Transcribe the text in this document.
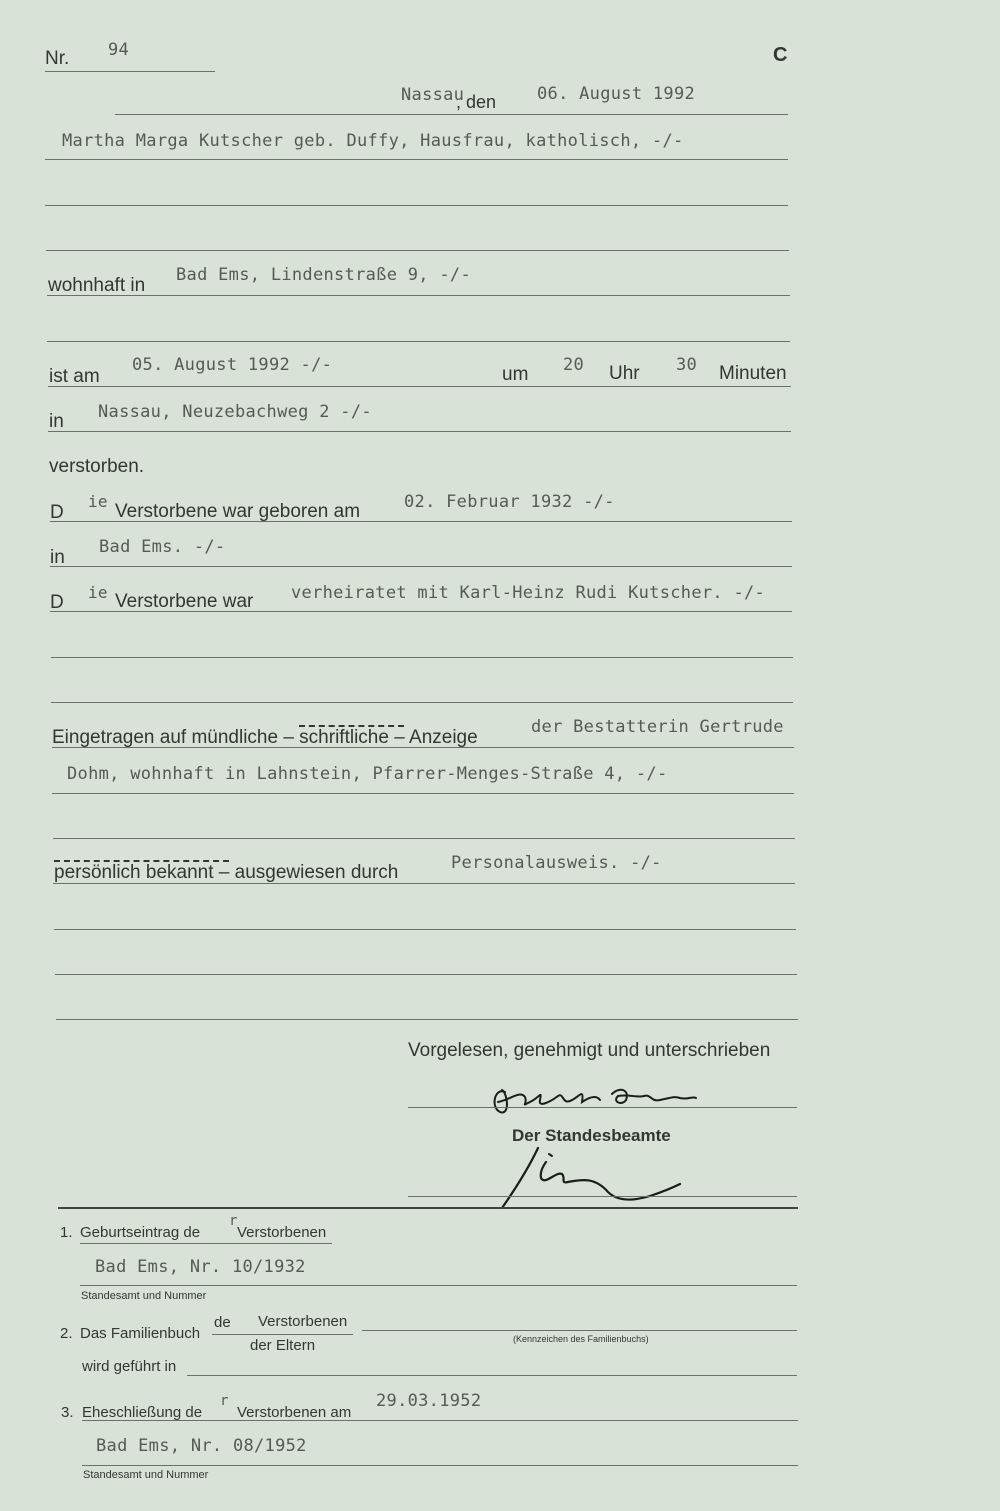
Nr. 94	C
Nassau
, den 06. August 1992
Martha Marga Kutscher geb. Duffy, Hausfrau, katholisch, -/-
wohnhaft in Bad Ems, Lindenstraße 9, -/-
ist am
05. August 1992 -/-	um 20 Uhr 30 Minuten
in Nassau, Neuzebachweg 2 -/-
verstorben.
D
ie Verstorbene war geboren am	02. Februar 1932 -/-
in Bad Ems. -/-
D ie Verstorbene war verheiratet mit Karl-Heinz Rudi Kutscher. -/-
Eingetragen auf mündliche – schriftliche – Anzeige	der Bestatterin Gertrude
Dohm, wohnhaft in Lahnstein, Pfarrer-Menges-Straße 4, -/-
persönlich bekannt – ausgewiesen durch	Personalausweis. -/-
Vorgelesen, genehmigt und unterschrieben
Der Standesbeamte
1. Geburtseintrag de
r
Verstorbenen
Bad Ems, Nr. 10/1932
Standesamt und Nummer
2. Das Familienbuch
de Verstorbenen
der Eltern	(Kennzeichen des Familienbuchs)
wird geführt in
3. Eheschließung de
r
Verstorbenen am
29.03.1952
Bad Ems, Nr. 08/1952
Standesamt und Nummer
